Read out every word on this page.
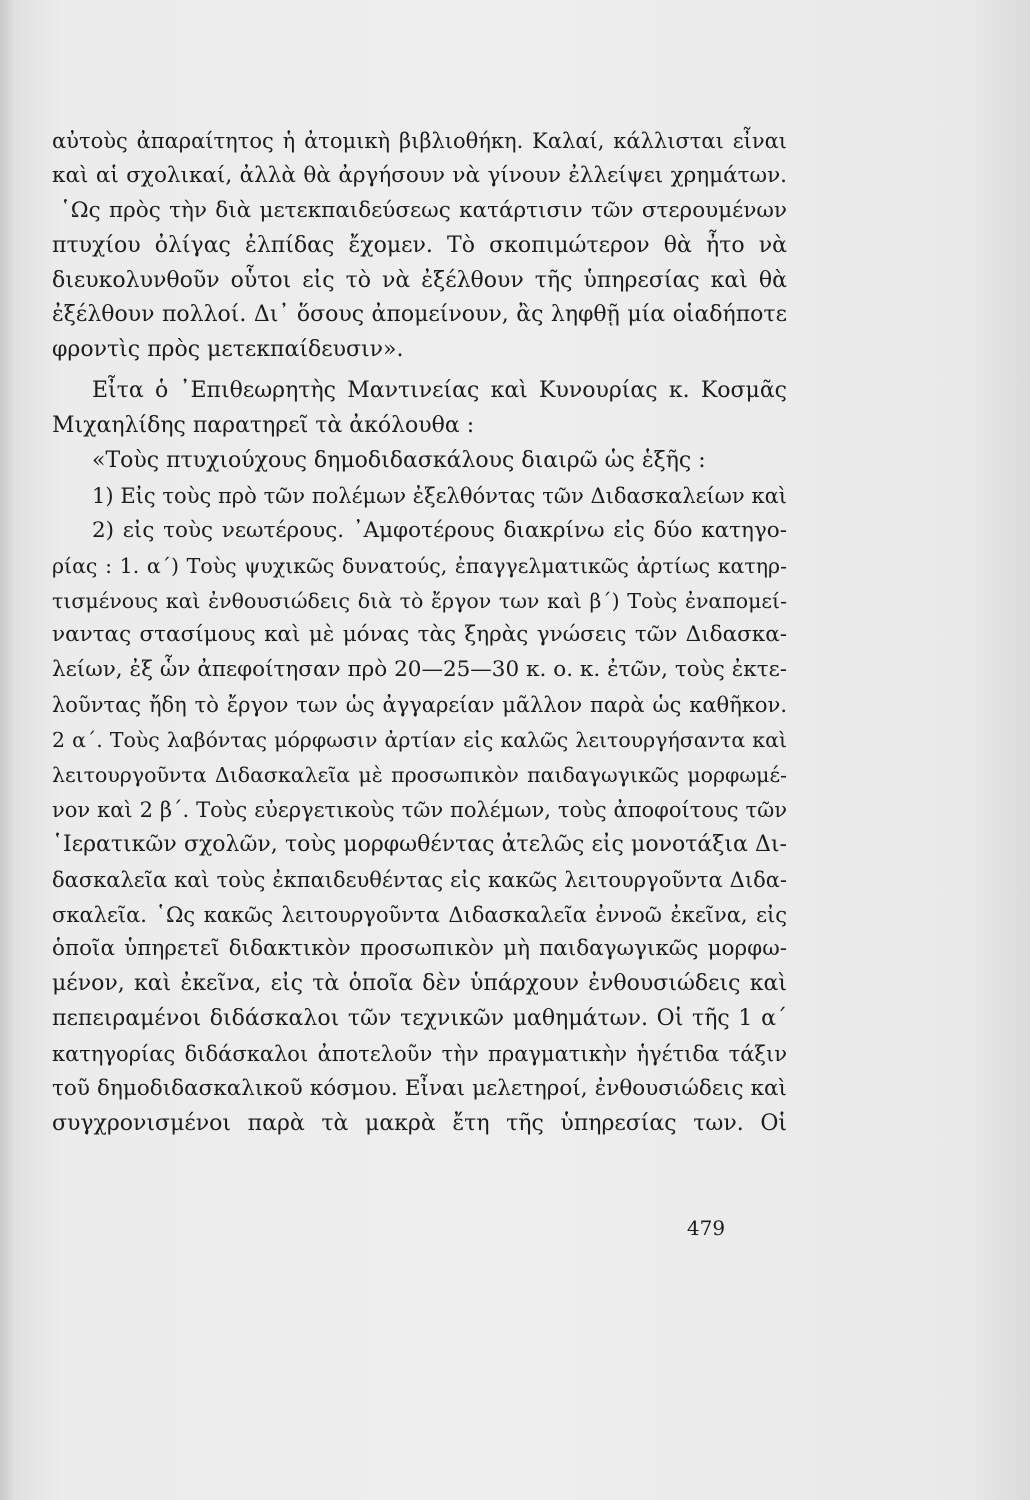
αὐτοὺς ἀπαραίτητος ἡ ἀτομικὴ βιβλιοθήκη. Καλαί, κάλλισται εἶναι
καὶ αἱ σχολικαί, ἀλλὰ θὰ ἀργήσουν νὰ γίνουν ἐλλείψει χρημάτων.
῾Ως πρὸς τὴν διὰ μετεκπαιδεύσεως κατάρτισιν τῶν στερουμένων
πτυχίου ὀλίγας ἐλπίδας ἔχομεν. Τὸ σκοπιμώτερον θὰ ἦτο νὰ
διευκολυνθοῦν οὗτοι εἰς τὸ νὰ ἐξέλθουν τῆς ὑπηρεσίας καὶ θὰ
ἐξέλθουν πολλοί. Δι᾿ ὅσους ἀπομείνουν, ἂς ληφθῇ μία οἱαδήποτε
φροντὶς πρὸς μετεκπαίδευσιν».
Εἶτα ὁ ᾿Επιθεωρητὴς Μαντινείας καὶ Κυνουρίας κ. Κοσμᾶς
Μιχαηλίδης παρατηρεῖ τὰ ἀκόλουθα :
«Τοὺς πτυχιούχους δημοδιδασκάλους διαιρῶ ὡς ἑξῆς :
1) Εἰς τοὺς πρὸ τῶν πολέμων ἐξελθόντας τῶν Διδασκαλείων καὶ
2) εἰς τοὺς νεωτέρους. ᾿Αμφοτέρους διακρίνω εἰς δύο κατηγο-
ρίας : 1. α΄) Τοὺς ψυχικῶς δυνατούς, ἐπαγγελματικῶς ἀρτίως κατηρ-
τισμένους καὶ ἐνθουσιώδεις διὰ τὸ ἔργον των καὶ β΄) Τοὺς ἐναπομεί-
ναντας στασίμους καὶ μὲ μόνας τὰς ξηρὰς γνώσεις τῶν Διδασκα-
λείων, ἐξ ὧν ἀπεφοίτησαν πρὸ 20—25—30 κ. ο. κ. ἐτῶν, τοὺς ἐκτε-
λοῦντας ἤδη τὸ ἔργον των ὡς ἀγγαρείαν μᾶλλον παρὰ ὡς καθῆκον.
2 α΄. Τοὺς λαβόντας μόρφωσιν ἀρτίαν εἰς καλῶς λειτουργήσαντα καὶ
λειτουργοῦντα Διδασκαλεῖα μὲ προσωπικὸν παιδαγωγικῶς μορφωμέ-
νον καὶ 2 β΄. Τοὺς εὐεργετικοὺς τῶν πολέμων, τοὺς ἀποφοίτους τῶν
῾Ιερατικῶν σχολῶν, τοὺς μορφωθέντας ἀτελῶς εἰς μονοτάξια Δι-
δασκαλεῖα καὶ τοὺς ἐκπαιδευθέντας εἰς κακῶς λειτουργοῦντα Διδα-
σκαλεῖα. ῾Ως κακῶς λειτουργοῦντα Διδασκαλεῖα ἐννοῶ ἐκεῖνα, εἰς
ὁποῖα ὑπηρετεῖ διδακτικὸν προσωπικὸν μὴ παιδαγωγικῶς μορφω-
μένον, καὶ ἐκεῖνα, εἰς τὰ ὁποῖα δὲν ὑπάρχουν ἐνθουσιώδεις καὶ
πεπειραμένοι διδάσκαλοι τῶν τεχνικῶν μαθημάτων. Οἱ τῆς 1 α΄
κατηγορίας διδάσκαλοι ἀποτελοῦν τὴν πραγματικὴν ἡγέτιδα τάξιν
τοῦ δημοδιδασκαλικοῦ κόσμου. Εἶναι μελετηροί, ἐνθουσιώδεις καὶ
συγχρονισμένοι παρὰ τὰ μακρὰ ἔτη τῆς ὑπηρεσίας των. Οἱ
479
